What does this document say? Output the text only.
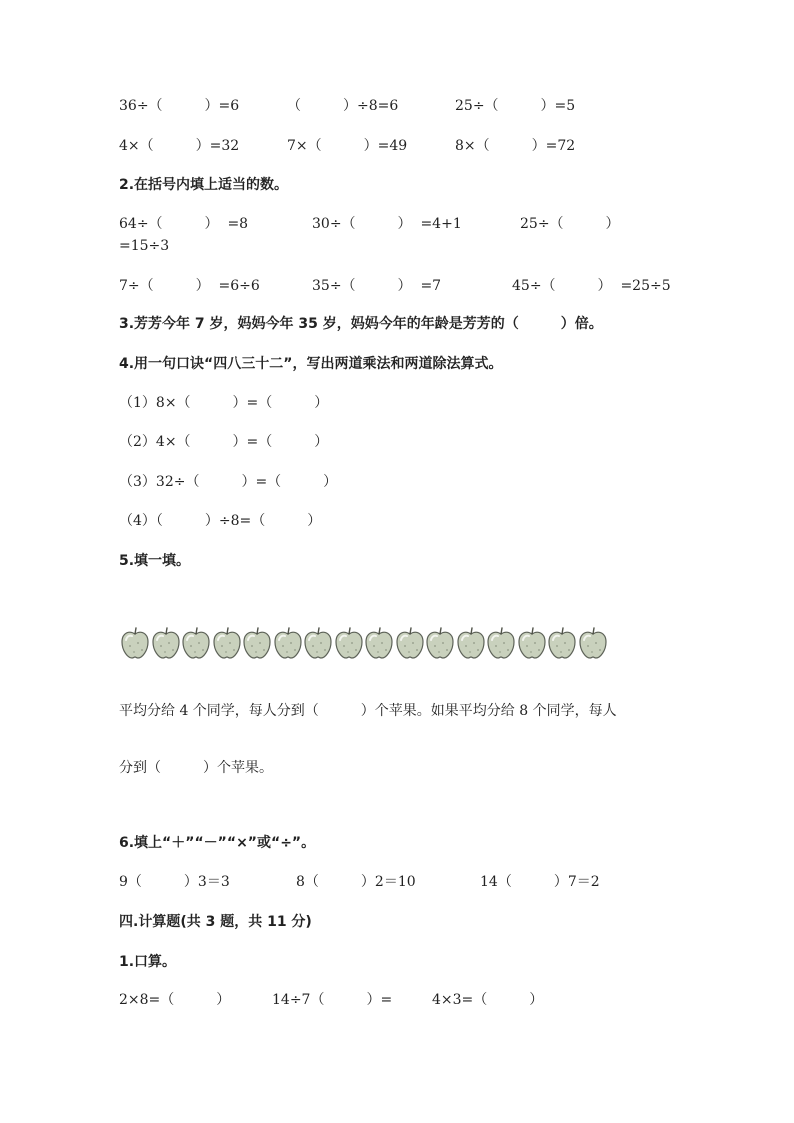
36÷（　　　）=6	（　　　）÷8=6	25÷（　　　）=5
4×（　　　）=32	7×（　　　）=49	8×（　　　）=72
2.在括号内填上适当的数。
64÷（　　　）  =8	30÷（　　　）  =4+1	25÷（　　　）
=15÷3
7÷（　　　）  =6÷6	35÷（　　　）  =7	45÷（　　　）  =25÷5
3.芳芳今年 7 岁，妈妈今年 35 岁，妈妈今年的年龄是芳芳的（　　　）倍。
4.用一句口诀“四八三十二”，写出两道乘法和两道除法算式。
（1）8×（　　　）=（　　　）
（2）4×（　　　）=（　　　）
（3）32÷（　　　）=（　　　）
（4）（　　　）÷8=（　　　）
5.填一填。
平均分给 4 个同学，每人分到（　　　）个苹果。如果平均分给 8 个同学，每人
分到（　　　）个苹果。
6.填上“＋”“－”“×”或“÷”。
9（　　　）3＝3	8（　　　）2＝10	14（　　　）7＝2
四.计算题(共 3 题，共 11 分)
1.口算。
2×8=（　　　）	14÷7（　　　）=	4×3=（　　　）
